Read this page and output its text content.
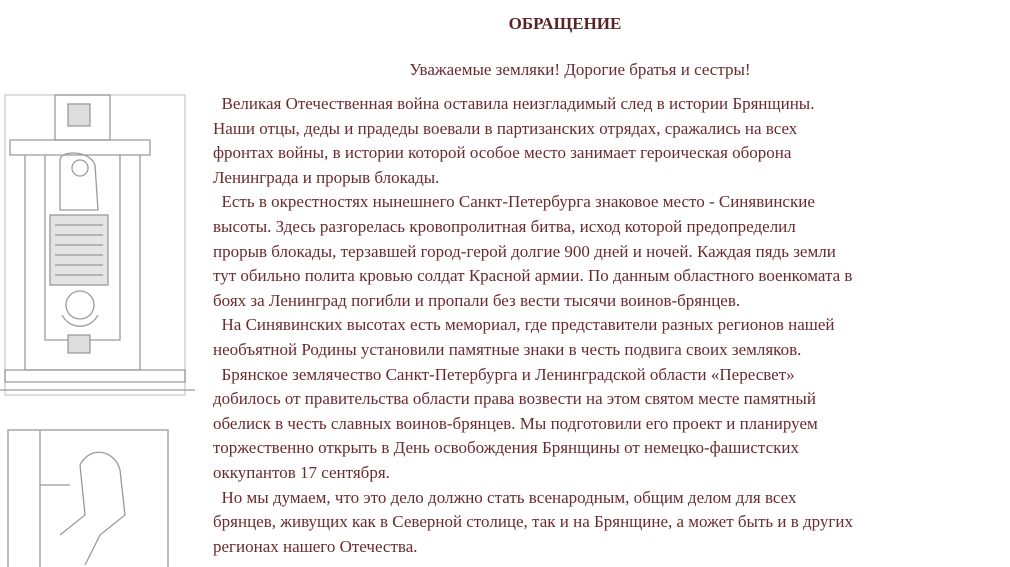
ОБРАЩЕНИЕ
Уважаемые земляки! Дорогие братья и сестры!
Великая Отечественная война оставила неизгладимый след в истории Брянщины.
Наши отцы, деды и прадеды воевали в партизанских отрядах, сражались на всех
фронтах войны, в истории которой особое место занимает героическая оборона
Ленинграда и прорыв блокады.
Есть в окрестностях нынешнего Санкт-Петербурга знаковое место - Синявинские
высоты. Здесь разгорелась кровопролитная битва, исход которой предопределил
прорыв блокады, терзавшей город-герой долгие 900 дней и ночей. Каждая пядь земли
тут обильно полита кровью солдат Красной армии. По данным областного военкомата в
боях за Ленинград погибли и пропали без вести тысячи воинов-брянцев.
На Синявинских высотах есть мемориал, где представители разных регионов нашей
необъятной Родины установили памятные знаки в честь подвига своих земляков.
Брянское землячество Санкт-Петербурга и Ленинградской области «Пересвет»
добилось от правительства области права возвести на этом святом месте памятный
обелиск в честь славных воинов-брянцев. Мы подготовили его проект и планируем
торжественно открыть в День освобождения Брянщины от немецко-фашистских
оккупантов 17 сентября.
Но мы думаем, что это дело должно стать всенародным, общим делом для всех
брянцев, живущих как в Северной столице, так и на Брянщине, а может быть и в других
регионах нашего Отечества.
